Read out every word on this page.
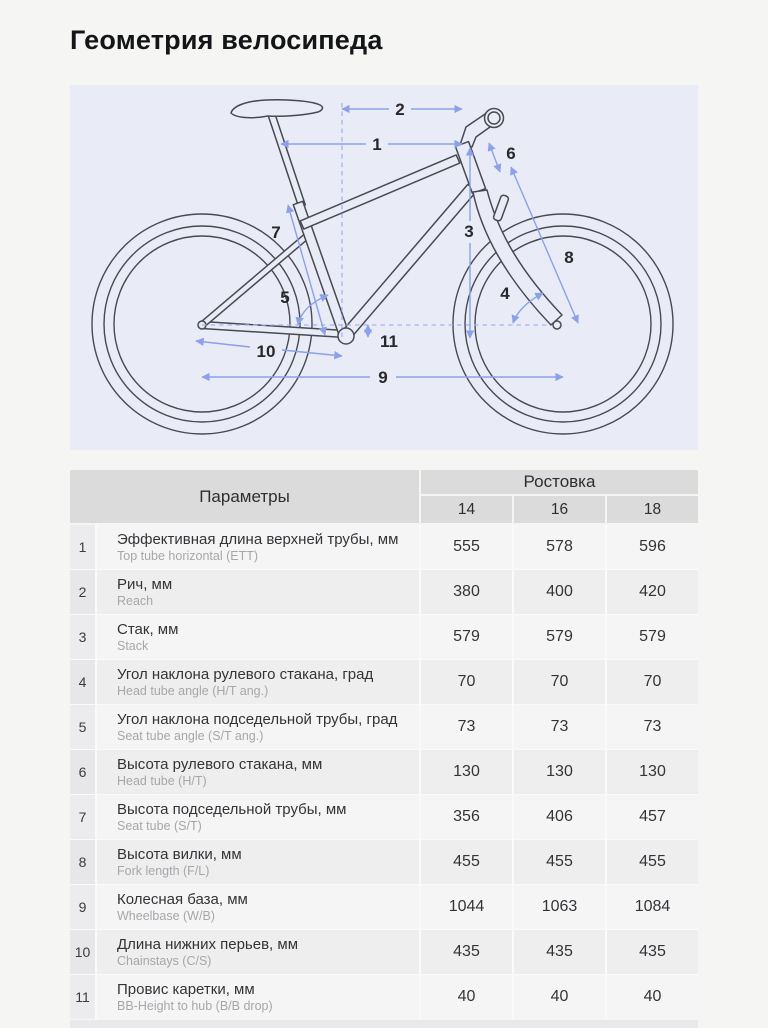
Геометрия велосипеда
1
2
3
4
5
6
7
8
9
10
11
Параметры
Ростовка
14	16	18
1	Эффективная длина верхней трубы, мм
Top tube horizontal (ETT)
555	578	596
2	Рич, мм
Reach
380	400	420
3	Стак, мм
Stack
579	579	579
4	Угол наклона рулевого стакана, град
Head tube angle (H/T ang.)
70	70	70
5	Угол наклона подседельной трубы, град
Seat tube angle (S/T ang.)
73	73	73
6	Высота рулевого стакана, мм
Head tube (H/T)
130	130	130
7	Высота подседельной трубы, мм
Seat tube (S/T)
356	406	457
8	Высота вилки, мм
Fork length (F/L)
455	455	455
9	Колесная база, мм
Wheelbase (W/B)
1044	1063	1084
10	Длина нижних перьев, мм
Chainstays (C/S)
435	435	435
11	Провис каретки, мм
BB-Height to hub (B/B drop)
40	40	40
